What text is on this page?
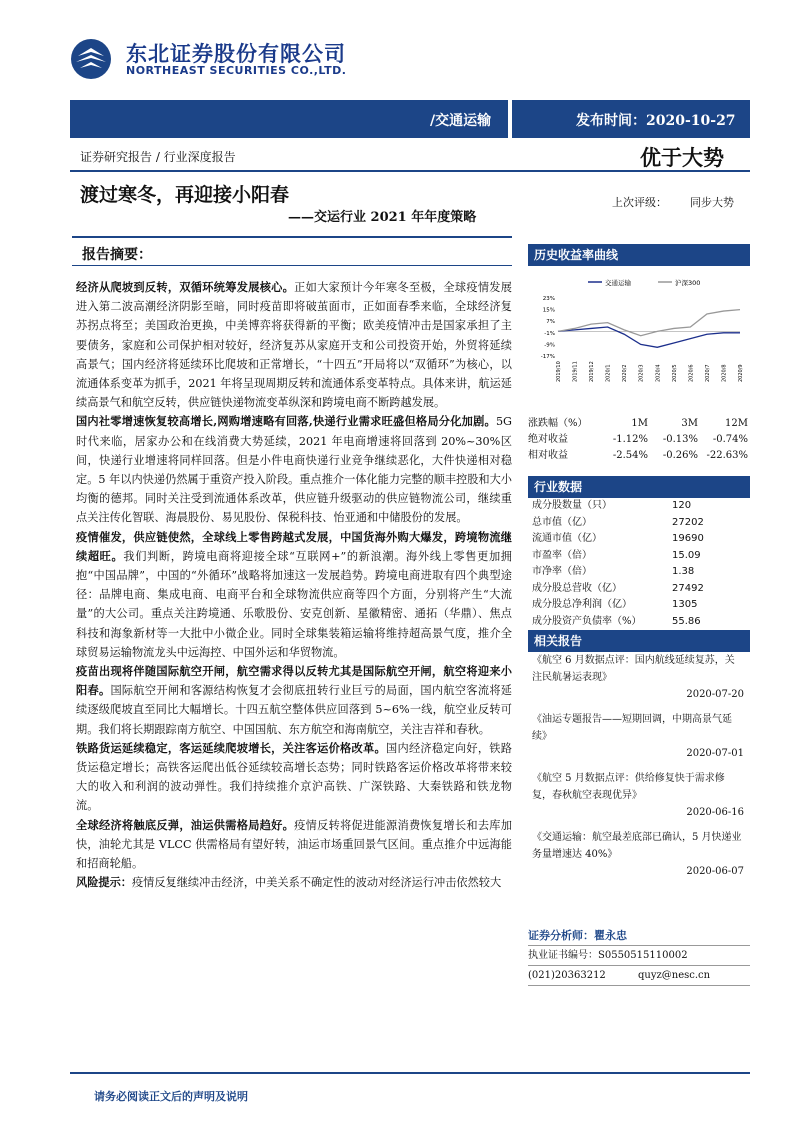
东北证券股份有限公司
NORTHEAST SECURITIES CO.,LTD.
/交通运输	发布时间：2020-10-27
证券研究报告 / 行业深度报告	优于大势
渡过寒冬，再迎接小阳春
——交运行业 2021 年年度策略
上次评级： 同步大势
报告摘要：

经济从爬坡到反转，双循环统筹发展核心。正如大家预计今年寒冬至极，全球疫情发展进入第二波高潮经济阴影至暗，同时疫苗即将破茧面市，正如面春季来临，全球经济复苏拐点将至；美国政治更换，中美博弈将获得新的平衡；欧美疫情冲击是国家承担了主要债务，家庭和公司保护相对较好，经济复苏从家庭开支和公司投资开始，外贸将延续高景气；国内经济将延续环比爬坡和正常增长，“十四五”开局将以“双循环”为核心，以流通体系变革为抓手，2021 年将呈现周期反转和流通体系变革特点。具体来讲，航运延续高景气和航空反转，供应链快递物流变革纵深和跨境电商不断跨越发展。

国内社零增速恢复较高增长,网购增速略有回落,快递行业需求旺盛但格局分化加剧。5G 时代来临，居家办公和在线消费大势延续，2021 年电商增速将回落到 20%~30%区间，快递行业增速将同样回落。但是小件电商快递行业竞争继续恶化，大件快递相对稳定。5 年以内快递仍然属于重资产投入阶段。重点推介一体化能力完整的顺丰控股和大小均衡的德邦。同时关注受到流通体系改革，供应链升级驱动的供应链物流公司，继续重点关注传化智联、海晨股份、易见股份、保税科技、怡亚通和中储股份的发展。

疫情催发，供应链使然，全球线上零售跨越式发展，中国货海外购大爆发，跨境物流继续超旺。我们判断，跨境电商将迎接全球“互联网+”的新浪潮。海外线上零售更加拥抱“中国品牌”，中国的“外循环”战略将加速这一发展趋势。跨境电商进取有四个典型途径：品牌电商、集成电商、电商平台和全球物流供应商等四个方面，分别将产生“大流量”的大公司。重点关注跨境通、乐歌股份、安克创新、星徽精密、通拓（华鼎）、焦点科技和海象新材等一大批中小微企业。同时全球集装箱运输将维持超高景气度，推介全球贸易运输物流龙头中远海控、中国外运和华贸物流。

疫苗出现将伴随国际航空开闸，航空需求得以反转尤其是国际航空开闸，航空将迎来小阳春。国际航空开闸和客源结构恢复才会彻底扭转行业巨亏的局面，国内航空客流将延续逐级爬坡直至同比大幅增长。十四五航空整体供应回落到 5~6%一线，航空业反转可期。我们将长期跟踪南方航空、中国国航、东方航空和海南航空，关注吉祥和春秋。

铁路货运延续稳定，客运延续爬坡增长，关注客运价格改革。国内经济稳定向好，铁路货运稳定增长；高铁客运爬出低谷延续较高增长态势；同时铁路客运价格改革将带来较大的收入和利润的波动弹性。我们持续推介京沪高铁、广深铁路、大秦铁路和铁龙物流。

全球经济将触底反弹，油运供需格局趋好。疫情反转将促进能源消费恢复增长和去库加快，油轮尤其是 VLCC 供需格局有望好转，油运市场重回景气区间。重点推介中远海能和招商轮船。

风险提示：疫情反复继续冲击经济，中美关系不确定性的波动对经济运行冲击依然较大

历史收益率曲线
交通运输	沪深300
23%
15%
7%
-1%
-9%
-17%
2019/10 2019/11 2019/12 2020/1 2020/2 2020/3 2020/4 2020/5 2020/6 2020/7 2020/8 2020/9
涨跌幅（%）	1M	3M	12M
绝对收益	-1.12%	-0.13%	-0.74%
相对收益	-2.54%	-0.26% -22.63%
行业数据
成分股数量（只）	120
总市值（亿）	27202
流通市值（亿）	19690
市盈率（倍）	15.09
市净率（倍）	1.38
成分股总营收（亿）	27492
成分股总净利润（亿）	1305
成分股资产负债率（%）	55.86
相关报告
《航空 6 月数据点评：国内航线延续复苏，关注民航暑运表现》
2020-07-20
《油运专题报告——短期回调，中期高景气延续》
2020-07-01
《航空 5 月数据点评：供给修复快于需求修复，春秋航空表现优异》
2020-06-16
《交通运输：航空最差底部已确认，5 月快递业务量增速达 40%》
2020-06-07
证券分析师： 瞿永忠
执业证书编号：S0550515110002
(021)20363212	quyz@nesc.cn
请务必阅读正文后的声明及说明
